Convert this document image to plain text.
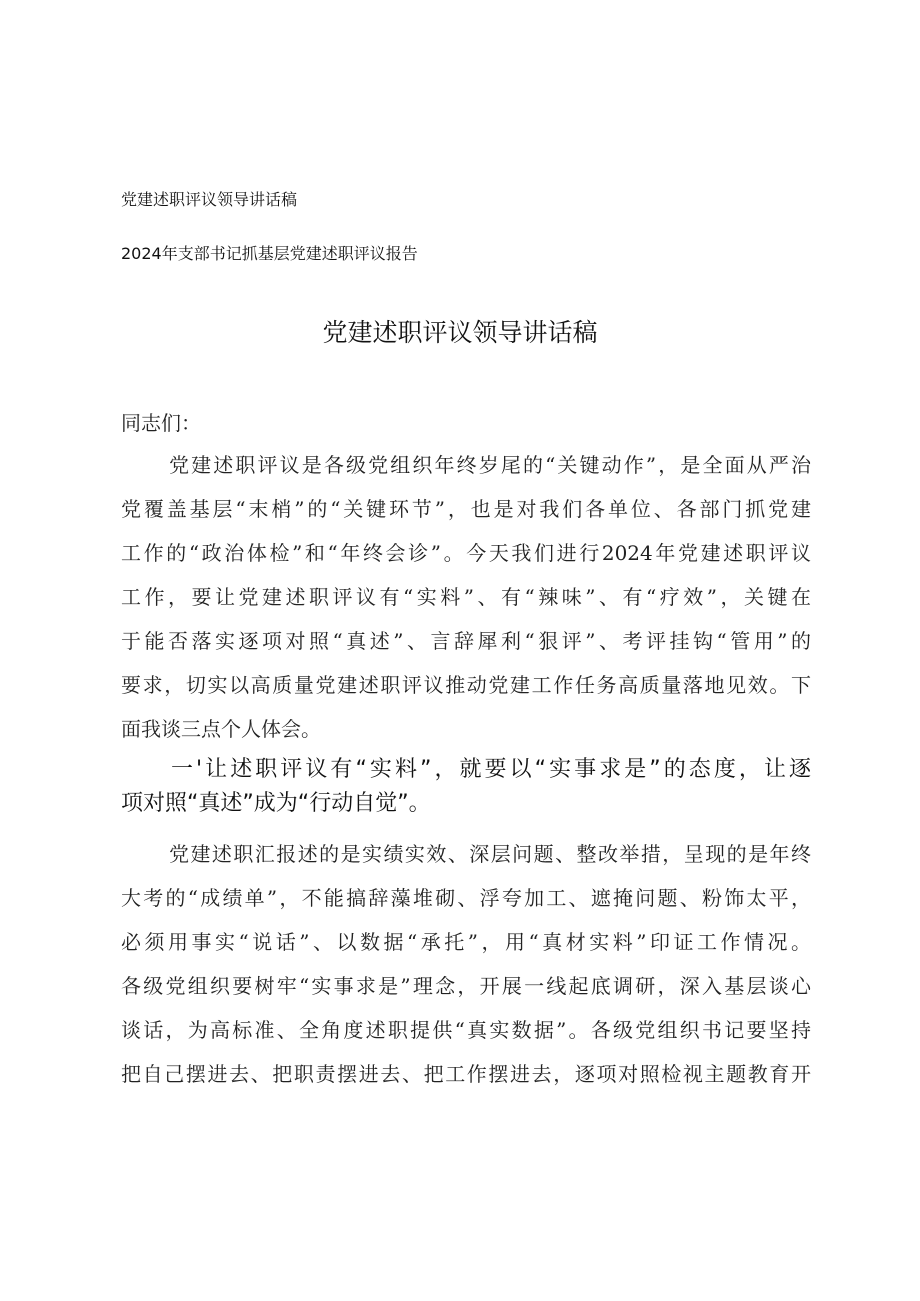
党建述职评议领导讲话稿
2024年支部书记抓基层党建述职评议报告
党建述职评议领导讲话稿
同志们：
党建述职评议是各级党组织年终岁尾的“关键动作”，是全面从严治
党覆盖基层“末梢”的“关键环节”，也是对我们各单位、各部门抓党建
工作的“政治体检”和“年终会诊”。今天我们进行2024年党建述职评议
工作，要让党建述职评议有“实料”、有“辣味”、有“疗效”，关键在
于能否落实逐项对照“真述”、言辞犀利“狠评”、考评挂钩“管用”的
要求，切实以高质量党建述职评议推动党建工作任务高质量落地见效。下
面我谈三点个人体会。
一'让述职评议有“实料”，就要以“实事求是”的态度，让逐
项对照“真述”成为“行动自觉”。
党建述职汇报述的是实绩实效、深层问题、整改举措，呈现的是年终
大考的“成绩单”，不能搞辞藻堆砌、浮夸加工、遮掩问题、粉饰太平，
必须用事实“说话”、以数据“承托”，用“真材实料”印证工作情况。
各级党组织要树牢“实事求是”理念，开展一线起底调研，深入基层谈心
谈话，为高标准、全角度述职提供“真实数据”。各级党组织书记要坚持
把自己摆进去、把职责摆进去、把工作摆进去，逐项对照检视主题教育开
